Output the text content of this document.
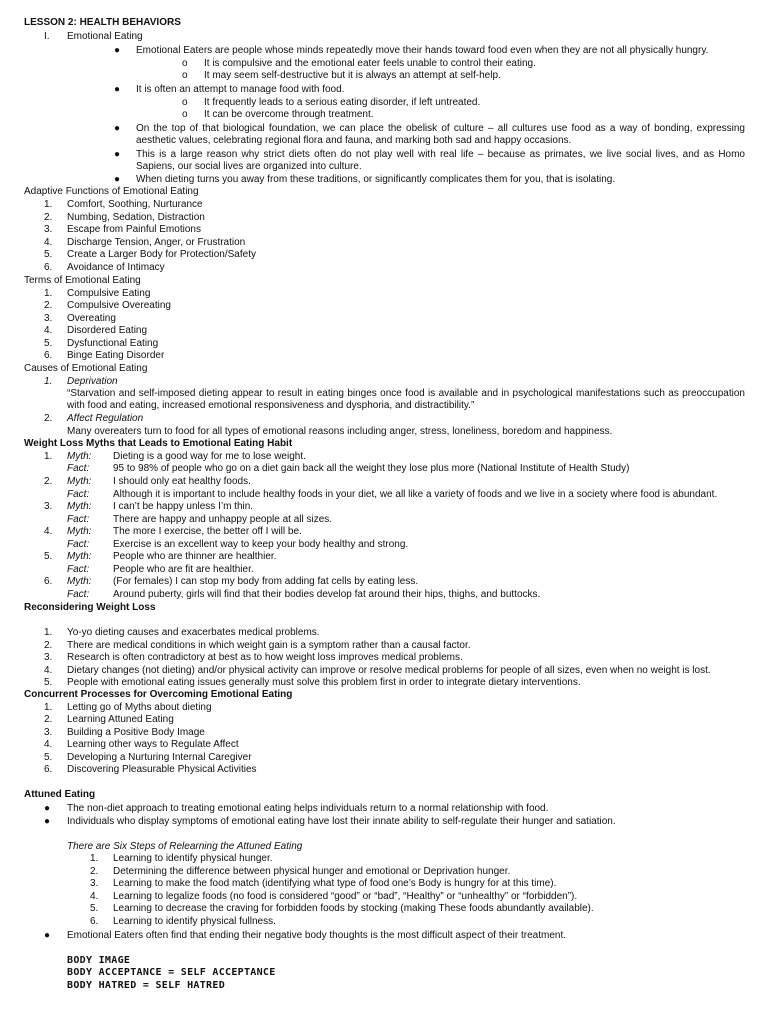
LESSON 2: HEALTH BEHAVIORS
I. Emotional Eating
● Emotional Eaters are people whose minds repeatedly move their hands toward food even when they are not all physically hungry.
o It is compulsive and the emotional eater feels unable to control their eating.
o It may seem self-destructive but it is always an attempt at self-help.
● It is often an attempt to manage food with food.
o It frequently leads to a serious eating disorder, if left untreated.
o It can be overcome through treatment.
● On the top of that biological foundation, we can place the obelisk of culture – all cultures use food as a way of bonding, expressing aesthetic values, celebrating regional flora and fauna, and marking both sad and happy occasions.
● This is a large reason why strict diets often do not play well with real life – because as primates, we live social lives, and as Homo Sapiens, our social lives are organized into culture.
● When dieting turns you away from these traditions, or significantly complicates them for you, that is isolating.
Adaptive Functions of Emotional Eating
1. Comfort, Soothing, Nurturance
2. Numbing, Sedation, Distraction
3. Escape from Painful Emotions
4. Discharge Tension, Anger, or Frustration
5. Create a Larger Body for Protection/Safety
6. Avoidance of Intimacy
Terms of Emotional Eating
1. Compulsive Eating
2. Compulsive Overeating
3. Overeating
4. Disordered Eating
5. Dysfunctional Eating
6. Binge Eating Disorder
Causes of Emotional Eating
1. Deprivation
“Starvation and self-imposed dieting appear to result in eating binges once food is available and in psychological manifestations such as preoccupation with food and eating, increased emotional responsiveness and dysphoria, and distractibility.”
2. Affect Regulation
Many overeaters turn to food for all types of emotional reasons including anger, stress, loneliness, boredom and happiness.
Weight Loss Myths that Leads to Emotional Eating Habit
1. Myth: Dieting is a good way for me to lose weight.
Fact: 95 to 98% of people who go on a diet gain back all the weight they lose plus more (National Institute of Health Study)
2. Myth: I should only eat healthy foods.
Fact: Although it is important to include healthy foods in your diet, we all like a variety of foods and we live in a society where food is abundant.
3. Myth: I can’t be happy unless I’m thin.
Fact: There are happy and unhappy people at all sizes.
4. Myth: The more I exercise, the better off I will be.
Fact: Exercise is an excellent way to keep your body healthy and strong.
5. Myth: People who are thinner are healthier.
Fact: People who are fit are healthier.
6. Myth: (For females) I can stop my body from adding fat cells by eating less.
Fact: Around puberty, girls will find that their bodies develop fat around their hips, thighs, and buttocks.
Reconsidering Weight Loss
1. Yo-yo dieting causes and exacerbates medical problems.
2. There are medical conditions in which weight gain is a symptom rather than a causal factor.
3. Research is often contradictory at best as to how weight loss improves medical problems.
4. Dietary changes (not dieting) and/or physical activity can improve or resolve medical problems for people of all sizes, even when no weight is lost.
5. People with emotional eating issues generally must solve this problem first in order to integrate dietary interventions.
Concurrent Processes for Overcoming Emotional Eating
1. Letting go of Myths about dieting
2. Learning Attuned Eating
3. Building a Positive Body Image
4. Learning other ways to Regulate Affect
5. Developing a Nurturing Internal Caregiver
6. Discovering Pleasurable Physical Activities
Attuned Eating
● The non-diet approach to treating emotional eating helps individuals return to a normal relationship with food.
● Individuals who display symptoms of emotional eating have lost their innate ability to self-regulate their hunger and satiation.
There are Six Steps of Relearning the Attuned Eating
1. Learning to identify physical hunger.
2. Determining the difference between physical hunger and emotional or Deprivation hunger.
3. Learning to make the food match (identifying what type of food one’s Body is hungry for at this time).
4. Learning to legalize foods (no food is considered “good” or “bad”, “Healthy” or “unhealthy” or “forbidden”).
5. Learning to decrease the craving for forbidden foods by stocking (making These foods abundantly available).
6. Learning to identify physical fullness.
● Emotional Eaters often find that ending their negative body thoughts is the most difficult aspect of their treatment.
BODY IMAGE
BODY ACCEPTANCE = SELF ACCEPTANCE
BODY HATRED = SELF HATRED
